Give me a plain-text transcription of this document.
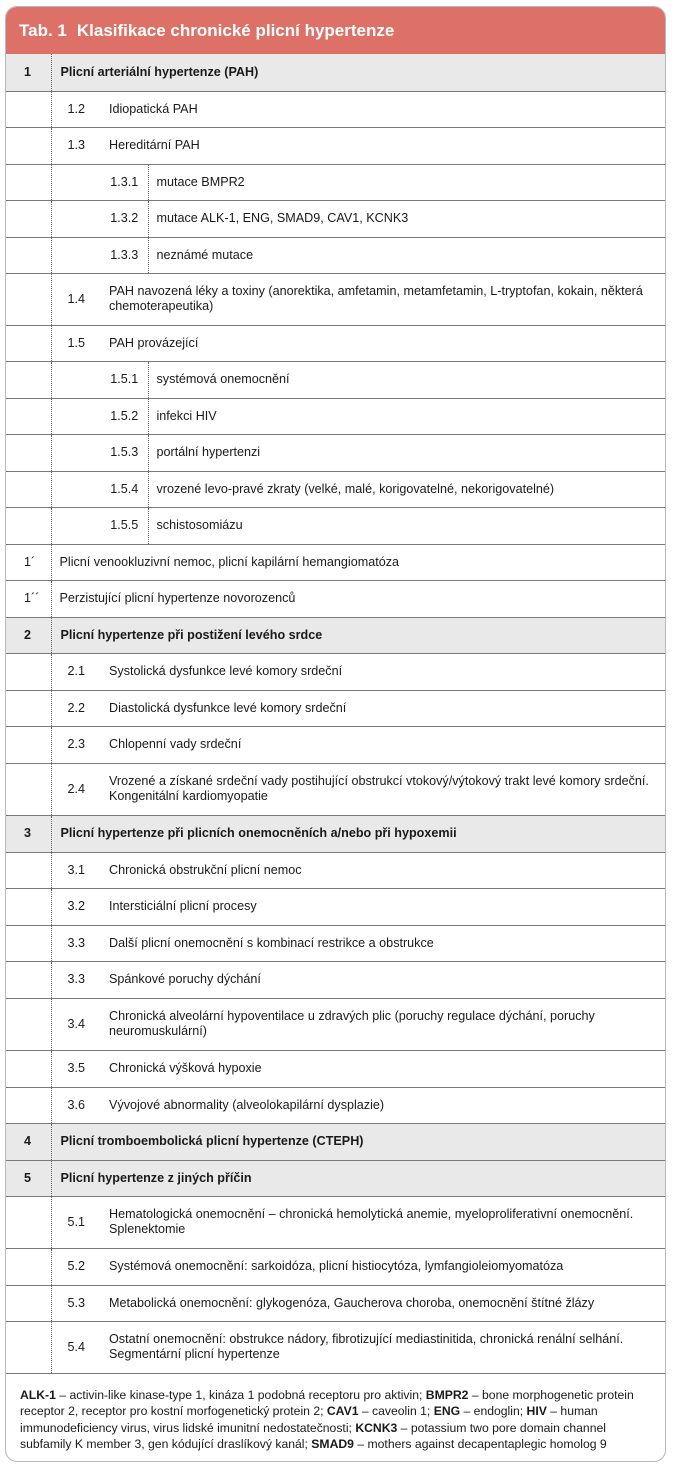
Tab. 1 Klasifikace chronické plicní hypertenze
1	Plicní arteriální hypertenze (PAH)		
	1.2	Idiopatická PAH	
	1.3	Hereditární PAH	
		1.3.1	mutace BMPR2
		1.3.2	mutace ALK-1, ENG, SMAD9, CAV1, KCNK3
		1.3.3	neznámé mutace
	1.4	PAH navozená léky a toxiny (anorektika, amfetamin, metamfetamin, L-tryptofan, kokain, některá chemoterapeutika)	
	1.5	PAH provázející	
		1.5.1	systémová onemocnění
		1.5.2	infekci HIV
		1.5.3	portální hypertenzi
		1.5.4	vrozené levo-pravé zkraty (velké, malé, korigovatelné, nekorigovatelné)
		1.5.5	schistosomiázu
1´	Plicní venookluzivní nemoc, plicní kapilární hemangiomatóza		
1´´	Perzistující plicní hypertenze novorozenců		
2	Plicní hypertenze při postižení levého srdce		
	2.1	Systolická dysfunkce levé komory srdeční	
	2.2	Diastolická dysfunkce levé komory srdeční	
	2.3	Chlopenní vady srdeční	
	2.4	Vrozené a získané srdeční vady postihující obstrukcí vtokový/výtokový trakt levé komory srdeční. Kongenitální kardiomyopatie	
3	Plicní hypertenze při plicních onemocněních a/nebo při hypoxemii		
	3.1	Chronická obstrukční plicní nemoc	
	3.2	Intersticiální plicní procesy	
	3.3	Další plicní onemocnění s kombinací restrikce a obstrukce	
	3.3	Spánkové poruchy dýchání	
	3.4	Chronická alveolární hypoventilace u zdravých plic (poruchy regulace dýchání, poruchy neuromuskulární)	
	3.5	Chronická výšková hypoxie	
	3.6	Vývojové abnormality (alveolokapilární dysplazie)	
4	Plicní tromboembolická plicní hypertenze (CTEPH)		
5	Plicní hypertenze z jiných příčin		
	5.1	Hematologická onemocnění – chronická hemolytická anemie, myeloproliferativní onemocnění. Splenektomie	
	5.2	Systémová onemocnění: sarkoidóza, plicní histiocytóza, lymfangioleiomyomatóza	
	5.3	Metabolická onemocnění: glykogenóza, Gaucherova choroba, onemocnění štítné žlázy	
	5.4	Ostatní onemocnění: obstrukce nádory, fibrotizující mediastinitida, chronická renální selhání. Segmentární plicní hypertenze	
ALK-1 – activin-like kinase-type 1, kináza 1 podobná receptoru pro aktivin; BMPR2 – bone morphogenetic protein receptor 2, receptor pro kostní morfogenetický protein 2; CAV1 – caveolin 1; ENG – endoglin; HIV – human immunodeficiency virus, virus lidské imunitní nedostatečnosti; KCNK3 – potassium two pore domain channel subfamily K member 3, gen kódující draslíkový kanál; SMAD9 – mothers against decapentaplegic homolog 9
